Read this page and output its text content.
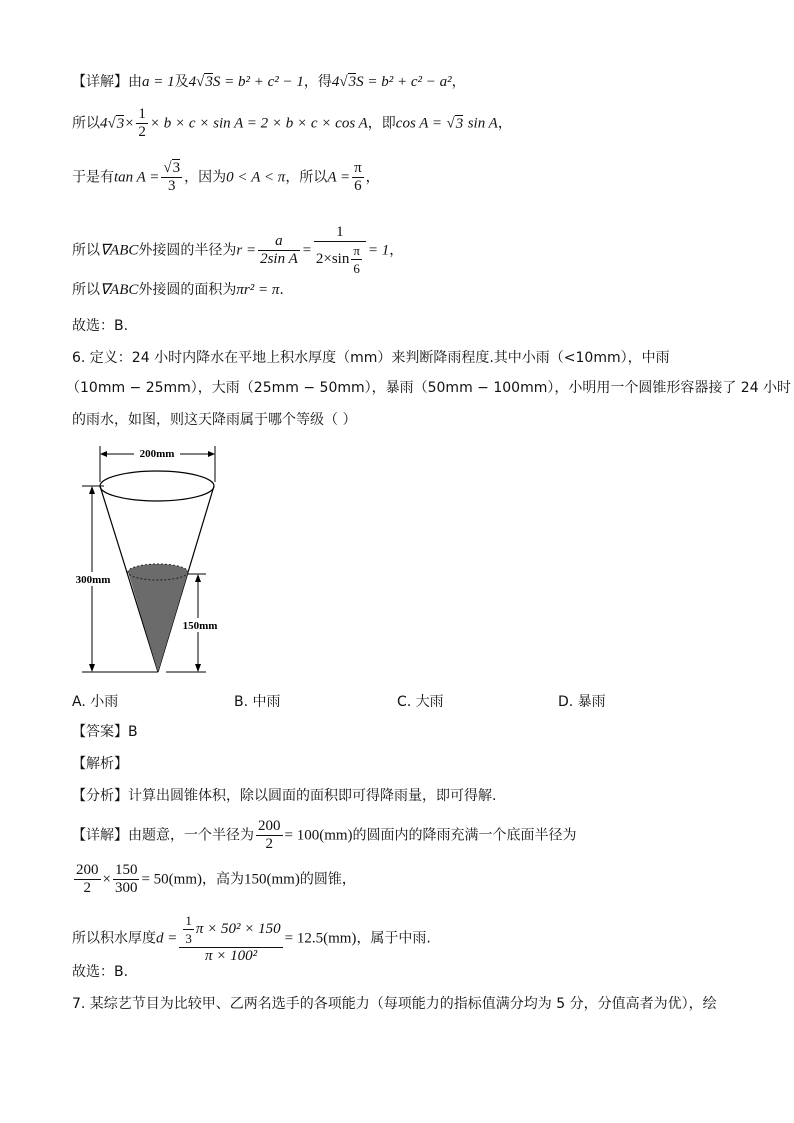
【详解】由a = 1及4√3S = b² + c² − 1，得4√3S = b² + c² − a²，
所以$4√3\times \frac{1}{2} \times b \times c \times \sin A = 2 \times b \times c \times \cos A$，即cos A = √3 sin A，
于是有$\tan A = \frac{√3}{3}$ ，因为0 < A < π，所以$A = \frac{\pi}{6}$ ，
所以∇ABC外接圆的半径为$r = \frac{a}{\text{2sin A}} = \frac{1}{2\times\sin \frac{\pi}{6}} = 1$，
所以∇ABC外接圆的面积为πr² = π.
故选：B.
6. 定义：24 小时内降水在平地上积水厚度（mm）来判断降雨程度.其中小雨（<10mm），中雨
（10mm − 25mm），大雨（25mm − 50mm），暴雨（50mm − 100mm），小明用一个圆锥形容器接了 24 小时
的雨水，如图，则这天降雨属于哪个等级（ ）
200mm
300mm
150mm
A. 小雨	B. 中雨	C. 大雨	D. 暴雨
【答案】B
【解析】
【分析】计算出圆锥体积，除以圆面的面积即可得降雨量，即可得解.
【详解】由题意，一个半径为 $\frac{200}{2} = 100(mm)$的圆面内的降雨充满一个底面半径为
$\frac{200}{2} \times \frac{150}{300} = 50(mm)$，高为150(mm)的圆锥，
所以积水厚度$d = \frac{\frac{1}{3} \pi \times 50^2 \times 150}{\text{π × 100²}} = 12.5(mm)$，属于中雨.
故选：B.
7. 某综艺节目为比较甲、乙两名选手的各项能力（每项能力的指标值满分均为 5 分，分值高者为优），绘
